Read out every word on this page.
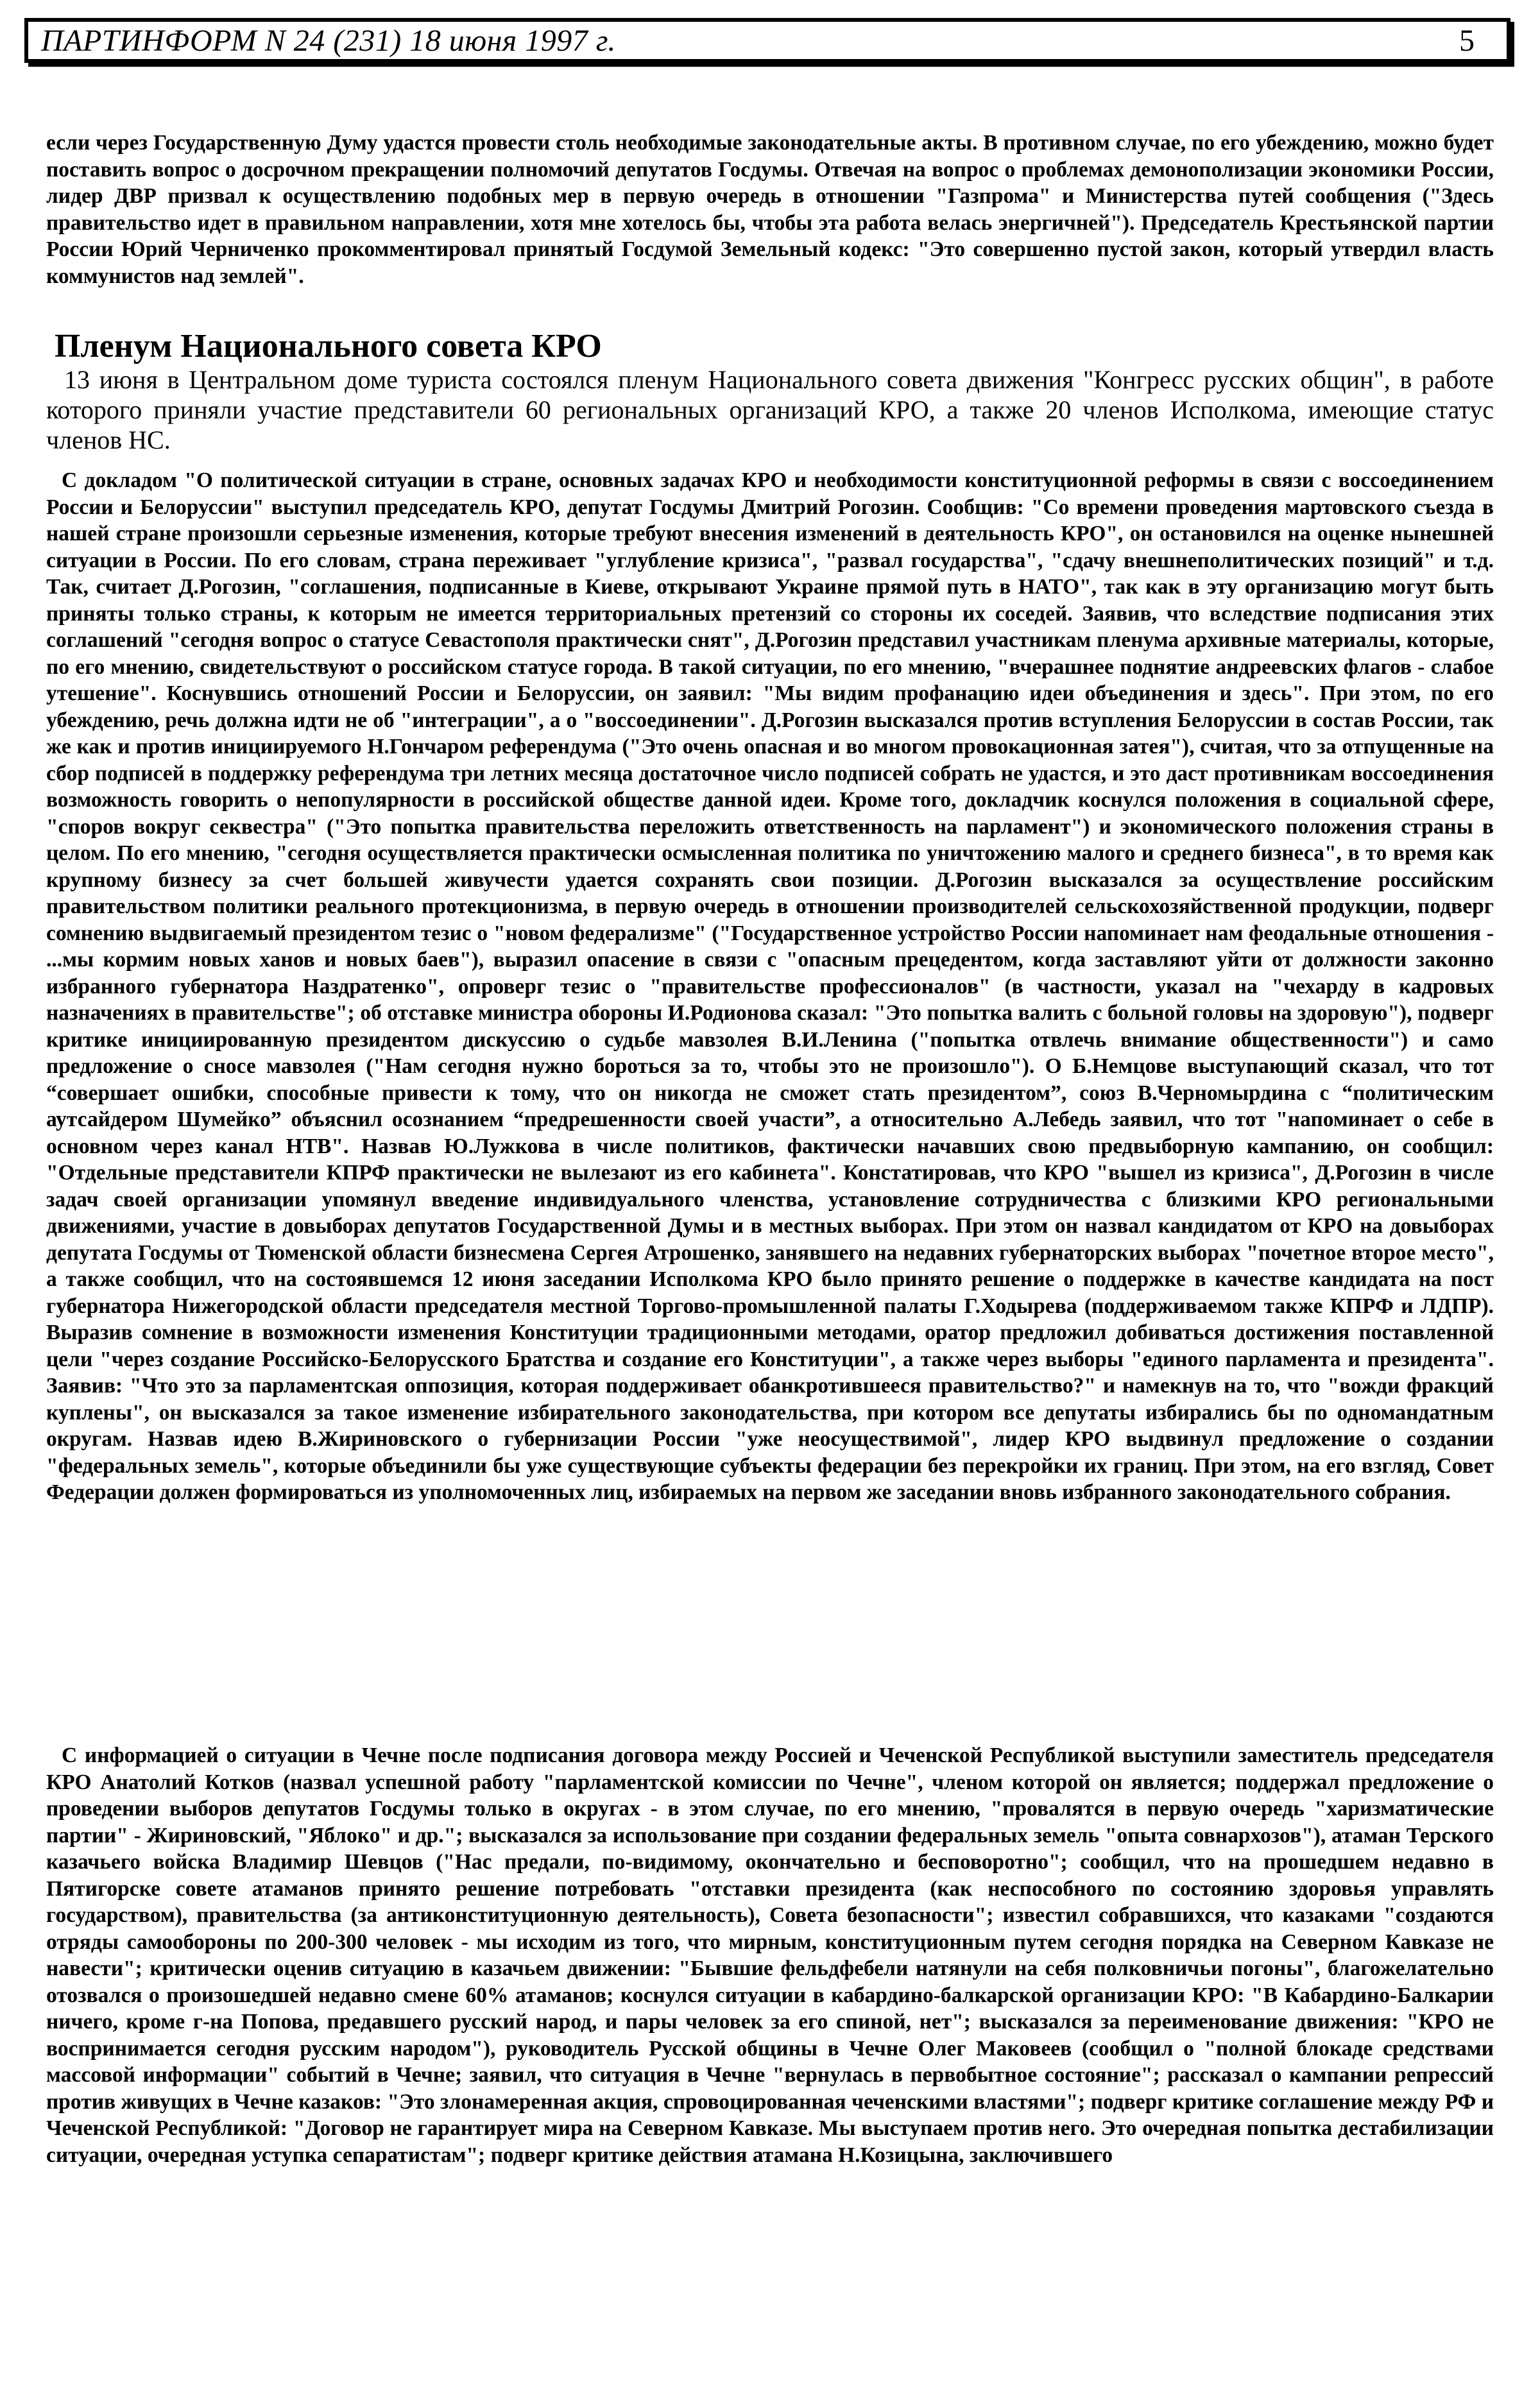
ПАРТИНФОРМ N 24 (231) 18 июня 1997 г.	5

если через Государственную Думу удастся провести столь необходимые законодательные акты. В противном случае, по его убеждению, можно будет поставить вопрос о досрочном прекращении полномочий депутатов Госдумы. Отвечая на вопрос о проблемах демонополизации экономики России, лидер ДВР призвал к осуществлению подобных мер в первую очередь в отношении "Газпрома" и Министерства путей сообщения ("Здесь правительство идет в правильном направлении, хотя мне хотелось бы, чтобы эта работа велась энергичней"). Председатель Крестьянской партии России Юрий Черниченко прокомментировал принятый Госдумой Земельный кодекс: "Это совершенно пустой закон, который утвердил власть коммунистов над землей".

Пленум Национального совета КРО

13 июня в Центральном доме туриста состоялся пленум Национального совета движения "Конгресс русских общин", в работе которого приняли участие представители 60 региональных организаций КРО, а также 20 членов Исполкома, имеющие статус членов НС.

С докладом "О политической ситуации в стране, основных задачах КРО и необходимости конституционной реформы в связи с воссоединением России и Белоруссии" выступил председатель КРО, депутат Госдумы Дмитрий Рогозин. Сообщив: "Со времени проведения мартовского съезда в нашей стране произошли серьезные изменения, которые требуют внесения изменений в деятельность КРО", он остановился на оценке нынешней ситуации в России. По его словам, страна переживает "углубление кризиса", "развал государства", "сдачу внешнеполитических позиций" и т.д. Так, считает Д.Рогозин, "соглашения, подписанные в Киеве, открывают Украине прямой путь в НАТО", так как в эту организацию могут быть приняты только страны, к которым не имеется территориальных претензий со стороны их соседей. Заявив, что вследствие подписания этих соглашений "сегодня вопрос о статусе Севастополя практически снят", Д.Рогозин представил участникам пленума архивные материалы, которые, по его мнению, свидетельствуют о российском статусе города. В такой ситуации, по его мнению, "вчерашнее поднятие андреевских флагов - слабое утешение". Коснувшись отношений России и Белоруссии, он заявил: "Мы видим профанацию идеи объединения и здесь". При этом, по его убеждению, речь должна идти не об "интеграции", а о "воссоединении". Д.Рогозин высказался против вступления Белоруссии в состав России, так же как и против инициируемого Н.Гончаром референдума ("Это очень опасная и во многом провокационная затея"), считая, что за отпущенные на сбор подписей в поддержку референдума три летних месяца достаточное число подписей собрать не удастся, и это даст противникам воссоединения возможность говорить о непопулярности в российской обществе данной идеи. Кроме того, докладчик коснулся положения в социальной сфере, "споров вокруг секвестра" ("Это попытка правительства переложить ответственность на парламент") и экономического положения страны в целом. По его мнению, "сегодня осуществляется практически осмысленная политика по уничтожению малого и среднего бизнеса", в то время как крупному бизнесу за счет большей живучести удается сохранять свои позиции. Д.Рогозин высказался за осуществление российским правительством политики реального протекционизма, в первую очередь в отношении производителей сельскохозяйственной продукции, подверг сомнению выдвигаемый президентом тезис о "новом федерализме" ("Государственное устройство России напоминает нам феодальные отношения - ...мы кормим новых ханов и новых баев"), выразил опасение в связи с "опасным прецедентом, когда заставляют уйти от должности законно избранного губернатора Наздратенко", опроверг тезис о "правительстве профессионалов" (в частности, указал на "чехарду в кадровых назначениях в правительстве"; об отставке министра обороны И.Родионова сказал: "Это попытка валить с больной головы на здоровую"), подверг критике инициированную президентом дискуссию о судьбе мавзолея В.И.Ленина ("попытка отвлечь внимание общественности") и само предложение о сносе мавзолея ("Нам сегодня нужно бороться за то, чтобы это не произошло"). О Б.Немцове выступающий сказал, что тот “совершает ошибки, способные привести к тому, что он никогда не сможет стать президентом”, союз В.Черномырдина с “политическим аутсайдером Шумейко” объяснил осознанием “предрешенности своей участи”, а относительно А.Лебедь заявил, что тот "напоминает о себе в основном через канал НТВ". Назвав Ю.Лужкова в числе политиков, фактически начавших свою предвыборную кампанию, он сообщил: "Отдельные представители КПРФ практически не вылезают из его кабинета". Констатировав, что КРО "вышел из кризиса", Д.Рогозин в числе задач своей организации упомянул введение индивидуального членства, установление сотрудничества с близкими КРО региональными движениями, участие в довыборах депутатов Государственной Думы и в местных выборах. При этом он назвал кандидатом от КРО на довыборах депутата Госдумы от Тюменской области бизнесмена Сергея Атрошенко, занявшего на недавних губернаторских выборах "почетное второе место", а также сообщил, что на состоявшемся 12 июня заседании Исполкома КРО было принято решение о поддержке в качестве кандидата на пост губернатора Нижегородской области председателя местной Торгово-промышленной палаты Г.Ходырева (поддерживаемом также КПРФ и ЛДПР). Выразив сомнение в возможности изменения Конституции традиционными методами, оратор предложил добиваться достижения поставленной цели "через создание Российско-Белорусского Братства и создание его Конституции", а также через выборы "единого парламента и президента". Заявив: "Что это за парламентская оппозиция, которая поддерживает обанкротившееся правительство?" и намекнув на то, что "вожди фракций куплены", он высказался за такое изменение избирательного законодательства, при котором все депутаты избирались бы по одномандатным округам. Назвав идею В.Жириновского о губернизации России "уже неосуществимой", лидер КРО выдвинул предложение о создании "федеральных земель", которые объединили бы уже существующие субъекты федерации без перекройки их границ. При этом, на его взгляд, Совет Федерации должен формироваться из уполномоченных лиц, избираемых на первом же заседании вновь избранного законодательного собрания.

С информацией о ситуации в Чечне после подписания договора между Россией и Чеченской Республикой выступили заместитель председателя КРО Анатолий Котков (назвал успешной работу "парламентской комиссии по Чечне", членом которой он является; поддержал предложение о проведении выборов депутатов Госдумы только в округах - в этом случае, по его мнению, "провалятся в первую очередь "харизматические партии" - Жириновский, "Яблоко" и др."; высказался за использование при создании федеральных земель "опыта совнархозов"), атаман Терского казачьего войска Владимир Шевцов ("Нас предали, по-видимому, окончательно и бесповоротно"; сообщил, что на прошедшем недавно в Пятигорске совете атаманов принято решение потребовать "отставки президента (как неспособного по состоянию здоровья управлять государством), правительства (за антиконституционную деятельность), Совета безопасности"; известил собравшихся, что казаками "создаются отряды самообороны по 200-300 человек - мы исходим из того, что мирным, конституционным путем сегодня порядка на Северном Кавказе не навести"; критически оценив ситуацию в казачьем движении: "Бывшие фельдфебели натянули на себя полковничьи погоны", благожелательно отозвался о произошедшей недавно смене 60% атаманов; коснулся ситуации в кабардино-балкарской организации КРО: "В Кабардино-Балкарии ничего, кроме г-на Попова, предавшего русский народ, и пары человек за его спиной, нет"; высказался за переименование движения: "КРО не воспринимается сегодня русским народом"), руководитель Русской общины в Чечне Олег Маковеев (сообщил о "полной блокаде средствами массовой информации" событий в Чечне; заявил, что ситуация в Чечне "вернулась в первобытное состояние"; рассказал о кампании репрессий против живущих в Чечне казаков: "Это злонамеренная акция, спровоцированная чеченскими властями"; подверг критике соглашение между РФ и Чеченской Республикой: "Договор не гарантирует мира на Северном Кавказе. Мы выступаем против него. Это очередная попытка дестабилизации ситуации, очередная уступка сепаратистам"; подверг критике действия атамана Н.Козицына, заключившего
